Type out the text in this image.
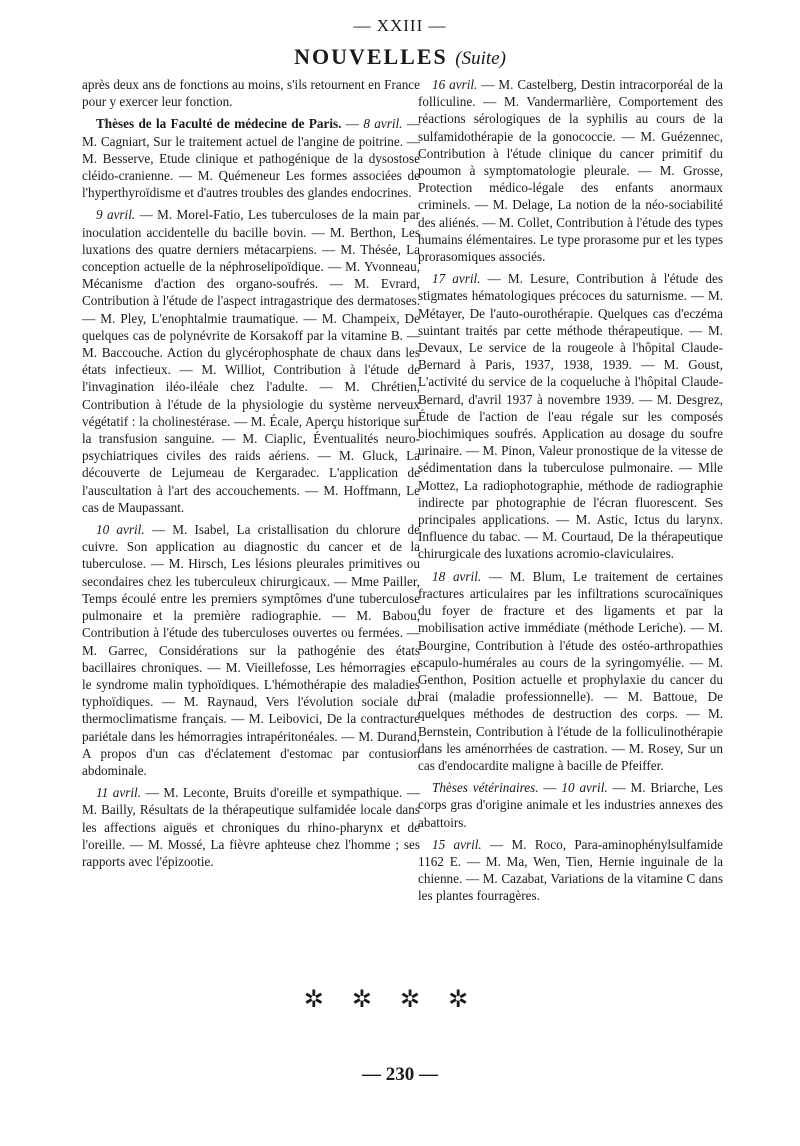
— XXIII —
NOUVELLES (Suite)

après deux ans de fonctions au moins, s'ils retournent en France pour y exercer leur fonction.

Thèses de la Faculté de médecine de Paris. — 8 avril. — M. Cagniart, Sur le traitement actuel de l'angine de poitrine. — M. Besserve, Etude clinique et pathogénique de la dysostose cléido-cranienne. — M. Quémeneur Les formes associées de l'hyperthyroïdisme et d'autres troubles des glandes endocrines.

9 avril. — M. Morel-Fatio, Les tuberculoses de la main par inoculation accidentelle du bacille bovin. — M. Berthon, Les luxations des quatre derniers métacarpiens. — M. Thésée, La conception actuelle de la néphroselipoïdique. — M. Yvonneau, Mécanisme d'action des organo-soufrés. — M. Evrard, Contribution à l'étude de l'aspect intragastrique des dermatoses. — M. Pley, L'enophtalmie traumatique. — M. Champeix, De quelques cas de polynévrite de Korsakoff par la vitamine B. — M. Baccouche. Action du glycérophosphate de chaux dans les états infectieux. — M. Williot, Contribution à l'étude de l'invagination iléo-iléale chez l'adulte. — M. Chrétien, Contribution à l'étude de la physiologie du système nerveux végétatif : la cholinestérase. — M. Écale, Aperçu historique sur la transfusion sanguine. — M. Ciaplic, Éventualités neuro-psychiatriques civiles des raids aériens. — M. Gluck, La découverte de Lejumeau de Kergaradec. L'application de l'auscultation à l'art des accouchements. — M. Hoffmann, Le cas de Maupassant.

10 avril. — M. Isabel, La cristallisation du chlorure de cuivre. Son application au diagnostic du cancer et de la tuberculose. — M. Hirsch, Les lésions pleurales primitives ou secondaires chez les tuberculeux chirurgicaux. — Mme Pailler, Temps écoulé entre les premiers symptômes d'une tuberculose pulmonaire et la première radiographie. — M. Babou, Contribution à l'étude des tuberculoses ouvertes ou fermées. — M. Garrec, Considérations sur la pathogénie des états bacillaires chroniques. — M. Vieillefosse, Les hémorragies et le syndrome malin typhoïdiques. L'hémothérapie des maladies typhoïdiques. — M. Raynaud, Vers l'évolution sociale du thermoclimatisme français. — M. Leibovici, De la contracture pariétale dans les hémorragies intrapéritonéales. — M. Durand, A propos d'un cas d'éclatement d'estomac par contusion abdominale.

11 avril. — M. Leconte, Bruits d'oreille et sympathique. — M. Bailly, Résultats de la thérapeutique sulfamidée locale dans les affections aiguës et chroniques du rhino-pharynx et de l'oreille. — M. Mossé, La fièvre aphteuse chez l'homme ; ses rapports avec l'épizootie.

16 avril. — M. Castelberg, Destin intracorporéal de la folliculine. — M. Vandermarlière, Comportement des réactions sérologiques de la syphilis au cours de la sulfamidothérapie de la gonococcie. — M. Guézennec, Contribution à l'étude clinique du cancer primitif du poumon à symptomatologie pleurale. — M. Grosse, Protection médico-légale des enfants anormaux criminels. — M. Delage, La notion de la néo-sociabilité des aliénés. — M. Collet, Contribution à l'étude des types humains élémentaires. Le type prorasome pur et les types prorasomiques associés.

17 avril. — M. Lesure, Contribution à l'étude des stigmates hématologiques précoces du saturnisme. — M. Métayer, De l'auto-ourothérapie. Quelques cas d'eczéma suintant traités par cette méthode thérapeutique. — M. Devaux, Le service de la rougeole à l'hôpital Claude-Bernard à Paris, 1937, 1938, 1939. — M. Goust, L'activité du service de la coqueluche à l'hôpital Claude-Bernard, d'avril 1937 à novembre 1939. — M. Desgrez, Étude de l'action de l'eau régale sur les composés biochimiques soufrés. Application au dosage du soufre urinaire. — M. Pinon, Valeur pronostique de la vitesse de sédimentation dans la tuberculose pulmonaire. — Mlle Mottez, La radiophotographie, méthode de radiographie indirecte par photographie de l'écran fluorescent. Ses principales applications. — M. Astic, Ictus du larynx. Influence du tabac. — M. Courtaud, De la thérapeutique chirurgicale des luxations acromio-claviculaires.

18 avril. — M. Blum, Le traitement de certaines fractures articulaires par les infiltrations scurocaïniques du foyer de fracture et des ligaments et par la mobilisation active immédiate (méthode Leriche). — M. Bourgine, Contribution à l'étude des ostéo-arthropathies scapulo-humérales au cours de la syringomyélie. — M. Genthon, Position actuelle et prophylaxie du cancer du brai (maladie professionnelle). — M. Battoue, De quelques méthodes de destruction des corps. — M. Bernstein, Contribution à l'étude de la folliculinothérapie dans les aménorrhées de castration. — M. Rosey, Sur un cas d'endocardite maligne à bacille de Pfeiffer.

Thèses vétérinaires. — 10 avril. — M. Briarche, Les corps gras d'origine animale et les industries annexes des abattoirs.

15 avril. — M. Roco, Para-aminophénylsulfamide 1162 E. — M. Ma, Wen, Tien, Hernie inguinale de la chienne. — M. Cazabat, Variations de la vitamine C dans les plantes fourragères.

✲✲✲✲
— 230 —
